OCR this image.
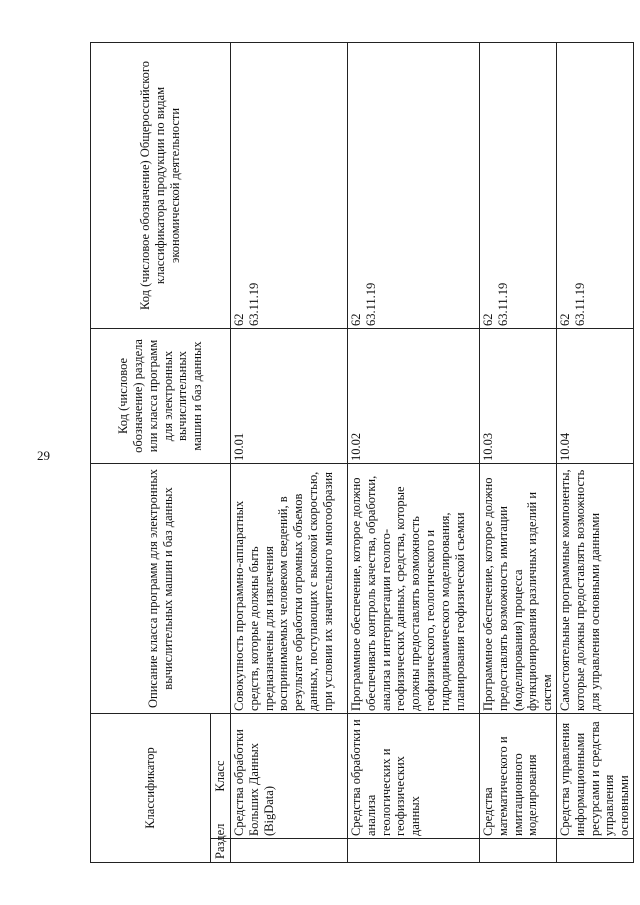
29
Классификатор		Описание класса программ для электронных вычислительных машин и баз данных	Код (числовое обозначение) раздела или класса программ для электронных вычислительных машин и баз данных	Код (числовое обозначение) Общероссийского классификатора продукции по видам экономической деятельности
Раздел	Класс			
	Средства обработки Больших Данных (BigData)	Совокупность программно-аппаратных средств, которые должны быть предназначены для извлечения воспринимаемых человеком сведений, в результате обработки огромных объемов данных, поступающих с высокой скоростью, при условии их значительного многообразия	10.01	62 63.11.19

	Средства обработки и анализа геологических и геофизических данных	Программное обеспечение, которое должно обеспечивать контроль качества, обработки, анализа и интерпретации геолого-геофизических данных, средства, которые должны предоставлять возможность геофизического, геологического и гидродинамического моделирования, планирования геофизической съемки	10.02	62 63.11.19

	Средства математического и имитационного моделирования	Программное обеспечение, которое должно предоставлять возможность имитации (моделирования) процесса функционирования различных изделий и систем	10.03	62 63.11.19

	Средства управления информационными ресурсами и средства управления основными	Самостоятельные программные компоненты, которые должны предоставлять возможность для управления основными данными	10.04	62 63.11.19
